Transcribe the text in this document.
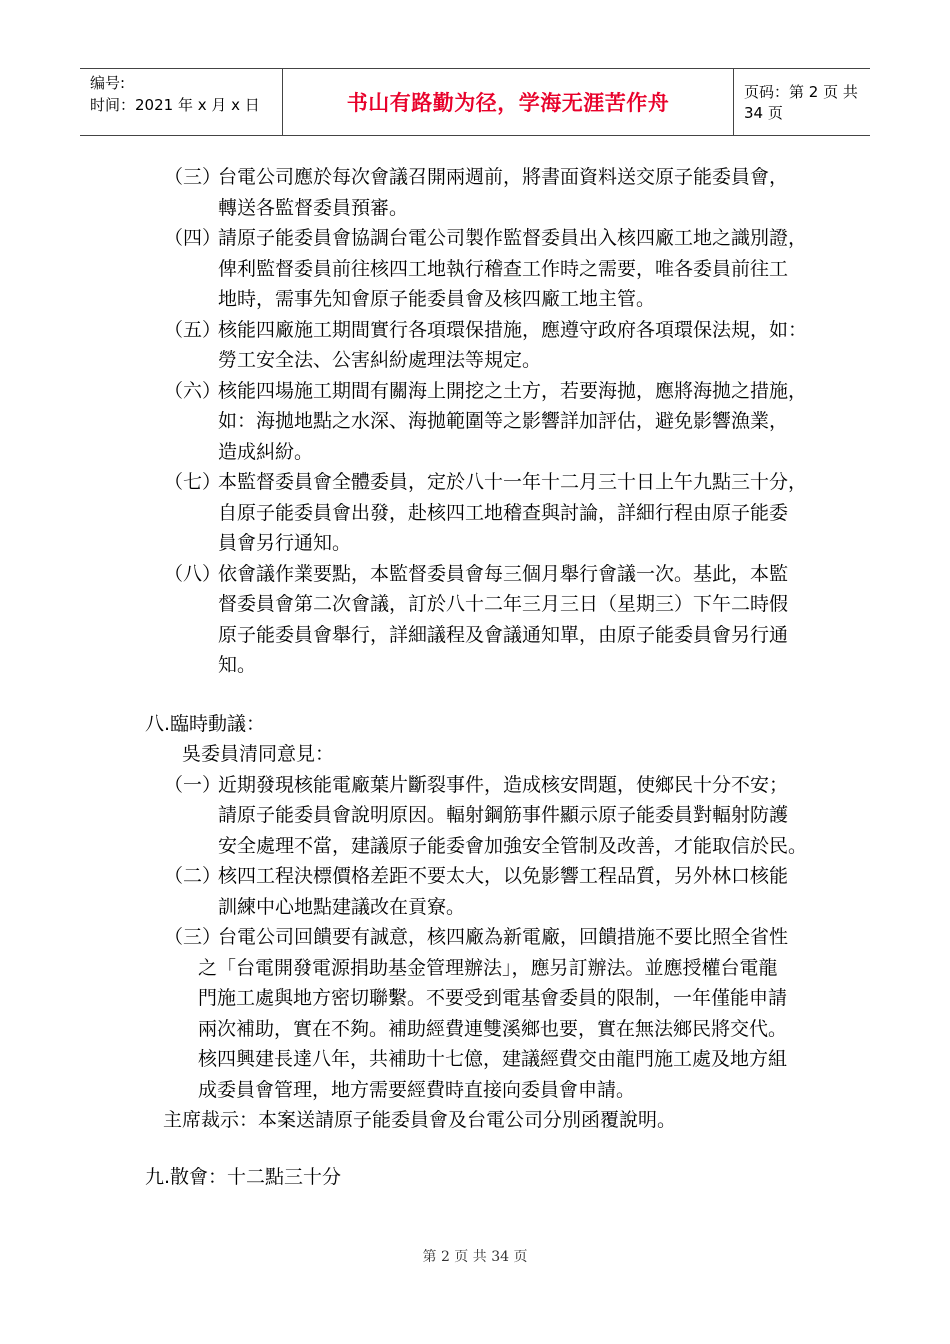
编号:
时间：2021 年 x 月 x 日	书山有路勤为径，学海无涯苦作舟	页码：第 2 页 共 34 页
（三）
台電公司應於每次會議召開兩週前，將書面資料送交原子能委員會，
轉送各監督委員預審。
（四）
請原子能委員會協調台電公司製作監督委員出入核四廠工地之識別證，
俾利監督委員前往核四工地執行稽查工作時之需要，唯各委員前往工
地時，需事先知會原子能委員會及核四廠工地主管。
（五）
核能四廠施工期間實行各項環保措施，應遵守政府各項環保法規，如：
勞工安全法、公害糾紛處理法等規定。
（六）
核能四場施工期間有關海上開挖之土方，若要海拋，應將海拋之措施，
如：海拋地點之水深、海拋範圍等之影響詳加評估，避免影響漁業，
造成糾紛。
（七）
本監督委員會全體委員，定於八十一年十二月三十日上午九點三十分，
自原子能委員會出發，赴核四工地稽查與討論，詳細行程由原子能委
員會另行通知。
（八）
依會議作業要點，本監督委員會每三個月舉行會議一次。基此，本監
督委員會第二次會議，訂於八十二年三月三日（星期三）下午二時假
原子能委員會舉行，詳細議程及會議通知單，由原子能委員會另行通
知。
八.臨時動議：
吳委員清同意見：
（一）
近期發現核能電廠葉片斷裂事件，造成核安問題，使鄉民十分不安；
請原子能委員會說明原因。輻射鋼筋事件顯示原子能委員對輻射防護
安全處理不當，建議原子能委會加強安全管制及改善，才能取信於民。
（二）
核四工程決標價格差距不要太大，以免影響工程品質，另外林口核能
訓練中心地點建議改在貢寮。
（三）
台電公司回饋要有誠意，核四廠為新電廠，回饋措施不要比照全省性
之「台電開發電源捐助基金管理辦法」，應另訂辦法。並應授權台電龍
門施工處與地方密切聯繫。不要受到電基會委員的限制，一年僅能申請
兩次補助，實在不夠。補助經費連雙溪鄉也要，實在無法鄉民將交代。
核四興建長達八年，共補助十七億，建議經費交由龍門施工處及地方組
成委員會管理，地方需要經費時直接向委員會申請。
主席裁示：本案送請原子能委員會及台電公司分別函覆說明。
九.散會：十二點三十分
第 2 页 共 34 页
